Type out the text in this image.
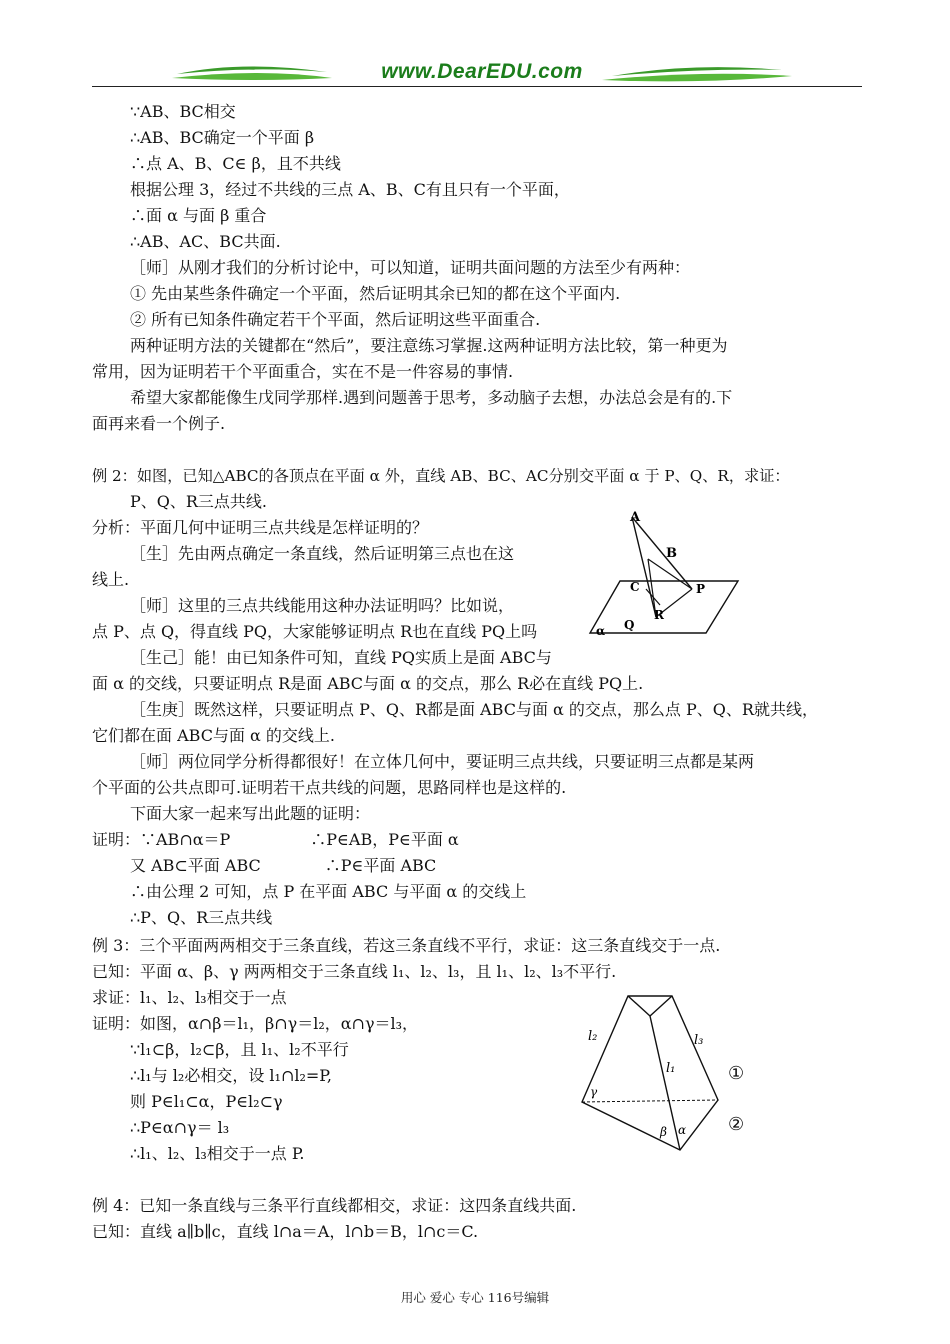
www.DearEDU.com
∵AB、BC相交
∴AB、BC确定一个平面 β
∴点 A、B、C∈ β，且不共线
根据公理 3，经过不共线的三点 A、B、C有且只有一个平面，
∴面 α 与面 β 重合
∴AB、AC、BC共面.
［师］从刚才我们的分析讨论中，可以知道，证明共面问题的方法至少有两种：
① 先由某些条件确定一个平面，然后证明其余已知的都在这个平面内.
② 所有已知条件确定若干个平面，然后证明这些平面重合.
两种证明方法的关键都在“然后”，要注意练习掌握.这两种证明方法比较，第一种更为
常用，因为证明若干个平面重合，实在不是一件容易的事情.
希望大家都能像生戊同学那样.遇到问题善于思考，多动脑子去想，办法总会是有的.下
面再来看一个例子.
例 2：如图，已知△ABC的各顶点在平面 α 外，直线 AB、BC、AC分别交平面 α 于 P、Q、R，求证：
P、Q、R三点共线.
分析：平面几何中证明三点共线是怎样证明的？
［生］先由两点确定一条直线，然后证明第三点也在这
线上.
［师］这里的三点共线能用这种办法证明吗？比如说，
点 P、点 Q，得直线 PQ，大家能够证明点 R也在直线 PQ上吗
［生己］能！由已知条件可知，直线 PQ实质上是面 ABC与
面 α 的交线，只要证明点 R是面 ABC与面 α 的交点，那么 R必在直线 PQ上.
［生庚］既然这样，只要证明点 P、Q、R都是面 ABC与面 α 的交点，那么点 P、Q、R就共线，
它们都在面 ABC与面 α 的交线上.
［师］两位同学分析得都很好！在立体几何中，要证明三点共线，只要证明三点都是某两
个平面的公共点即可.证明若干点共线的问题，思路同样也是这样的.
下面大家一起来写出此题的证明：
证明：∵AB∩α＝P　　　　　∴P∈AB，P∈平面 α
又 AB⊂平面 ABC　　　　∴P∈平面 ABC
∴由公理 2 可知，点 P 在平面 ABC 与平面 α 的交线上
∴P、Q、R三点共线
例 3：三个平面两两相交于三条直线，若这三条直线不平行，求证：这三条直线交于一点.
已知：平面 α、β、γ 两两相交于三条直线 l₁、l₂、l₃，且 l₁、l₂、l₃不平行.
求证：l₁、l₂、l₃相交于一点
证明：如图，α∩β＝l₁，β∩γ＝l₂，α∩γ＝l₃，
∵l₁⊂β，l₂⊂β，且 l₁、l₂不平行
∴l₁与 l₂必相交，设 l₁∩l₂=P,
则 P∈l₁⊂α，P∈l₂⊂γ
∴P∈α∩γ＝ l₃
∴l₁、l₂、l₃相交于一点 P.
例 4：已知一条直线与三条平行直线都相交，求证：这四条直线共面.
已知：直线 a∥b∥c，直线 l∩a＝A，l∩b＝B，l∩c＝C.
A
B
C	P
R
Q
α
l₂	l₃
l₁
γ
β α
①
②
用心 爱心 专心 116号编辑
